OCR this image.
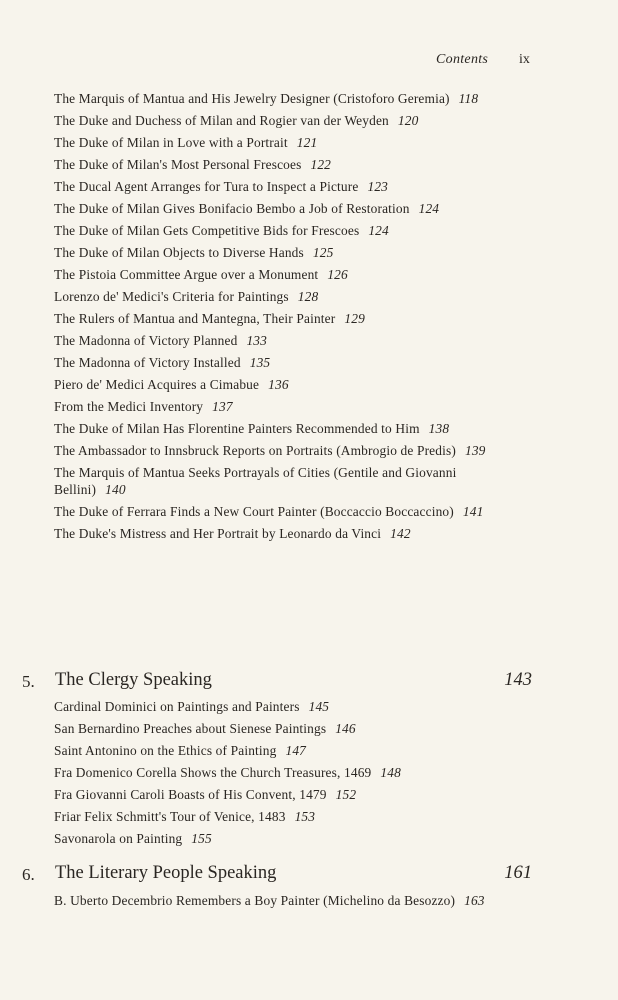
Contents ix
The Marquis of Mantua and His Jewelry Designer (Cristoforo Geremia) 118
The Duke and Duchess of Milan and Rogier van der Weyden 120
The Duke of Milan in Love with a Portrait 121
The Duke of Milan's Most Personal Frescoes 122
The Ducal Agent Arranges for Tura to Inspect a Picture 123
The Duke of Milan Gives Bonifacio Bembo a Job of Restoration 124
The Duke of Milan Gets Competitive Bids for Frescoes 124
The Duke of Milan Objects to Diverse Hands 125
The Pistoia Committee Argue over a Monument 126
Lorenzo de' Medici's Criteria for Paintings 128
The Rulers of Mantua and Mantegna, Their Painter 129
The Madonna of Victory Planned 133
The Madonna of Victory Installed 135
Piero de' Medici Acquires a Cimabue 136
From the Medici Inventory 137
The Duke of Milan Has Florentine Painters Recommended to Him 138
The Ambassador to Innsbruck Reports on Portraits (Ambrogio de Predis) 139
The Marquis of Mantua Seeks Portrayals of Cities (Gentile and Giovanni Bellini) 140
The Duke of Ferrara Finds a New Court Painter (Boccaccio Boccaccino) 141
The Duke's Mistress and Her Portrait by Leonardo da Vinci 142
5. The Clergy Speaking	143
Cardinal Dominici on Paintings and Painters 145
San Bernardino Preaches about Sienese Paintings 146
Saint Antonino on the Ethics of Painting 147
Fra Domenico Corella Shows the Church Treasures, 1469 148
Fra Giovanni Caroli Boasts of His Convent, 1479 152
Friar Felix Schmitt's Tour of Venice, 1483 153
Savonarola on Painting 155
6. The Literary People Speaking	161
B. Uberto Decembrio Remembers a Boy Painter (Michelino da Besozzo) 163
